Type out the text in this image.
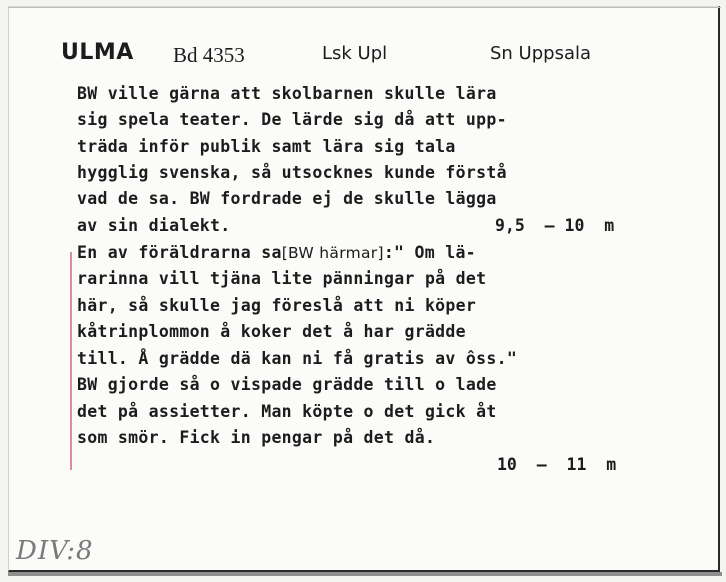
ULMA Bd 4353	Lsk Upl	Sn Uppsala
BW ville gärna att skolbarnen skulle lära
sig spela teater. De lärde sig då att upp-
träda inför publik samt lära sig tala
hygglig svenska, så utsocknes kunde förstå
vad de sa. BW fordrade ej de skulle lägga
av sin dialekt.	9,5  – 10  m
En av föräldrarna sa[BW härmar]:" Om lä-
rarinna vill tjäna lite pänningar på det
här, så skulle jag föreslå att ni köper
kåtrinplommon å koker det å har grädde
till. Å grädde dä kan ni få gratis av ôss."
BW gjorde så o vispade grädde till o lade
det på assietter. Man köpte o det gick åt
som smör. Fick in pengar på det då.
10  –  11  m
DIV:8
